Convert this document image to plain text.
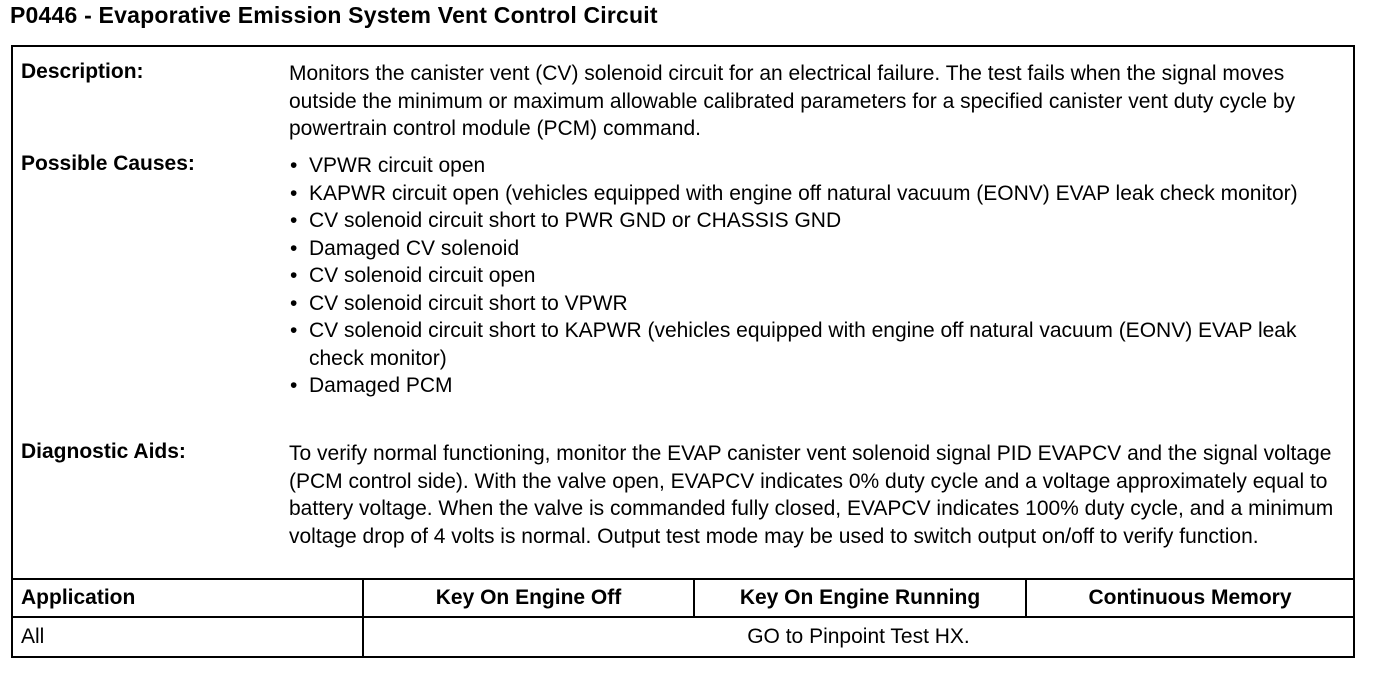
P0446 - Evaporative Emission System Vent Control Circuit
Description:	Monitors the canister vent (CV) solenoid circuit for an electrical failure. The test fails when the signal moves outside the minimum or maximum allowable calibrated parameters for a specified canister vent duty cycle by powertrain control module (PCM) command.
Possible Causes:
•	VPWR circuit open
• KAPWR circuit open (vehicles equipped with engine off natural vacuum (EONV) EVAP leak check monitor)
• CV solenoid circuit short to PWR GND or CHASSIS GND
• Damaged CV solenoid
• CV solenoid circuit open
• CV solenoid circuit short to VPWR
• CV solenoid circuit short to KAPWR (vehicles equipped with engine off natural vacuum (EONV) EVAP leak check monitor)
• Damaged PCM
Diagnostic Aids:	To verify normal functioning, monitor the EVAP canister vent solenoid signal PID EVAPCV and the signal voltage (PCM control side). With the valve open, EVAPCV indicates 0% duty cycle and a voltage approximately equal to battery voltage. When the valve is commanded fully closed, EVAPCV indicates 100% duty cycle, and a minimum voltage drop of 4 volts is normal. Output test mode may be used to switch output on/off to verify function.
Application	Key On Engine Off	Key On Engine Running	Continuous Memory
All	GO to Pinpoint Test HX.
